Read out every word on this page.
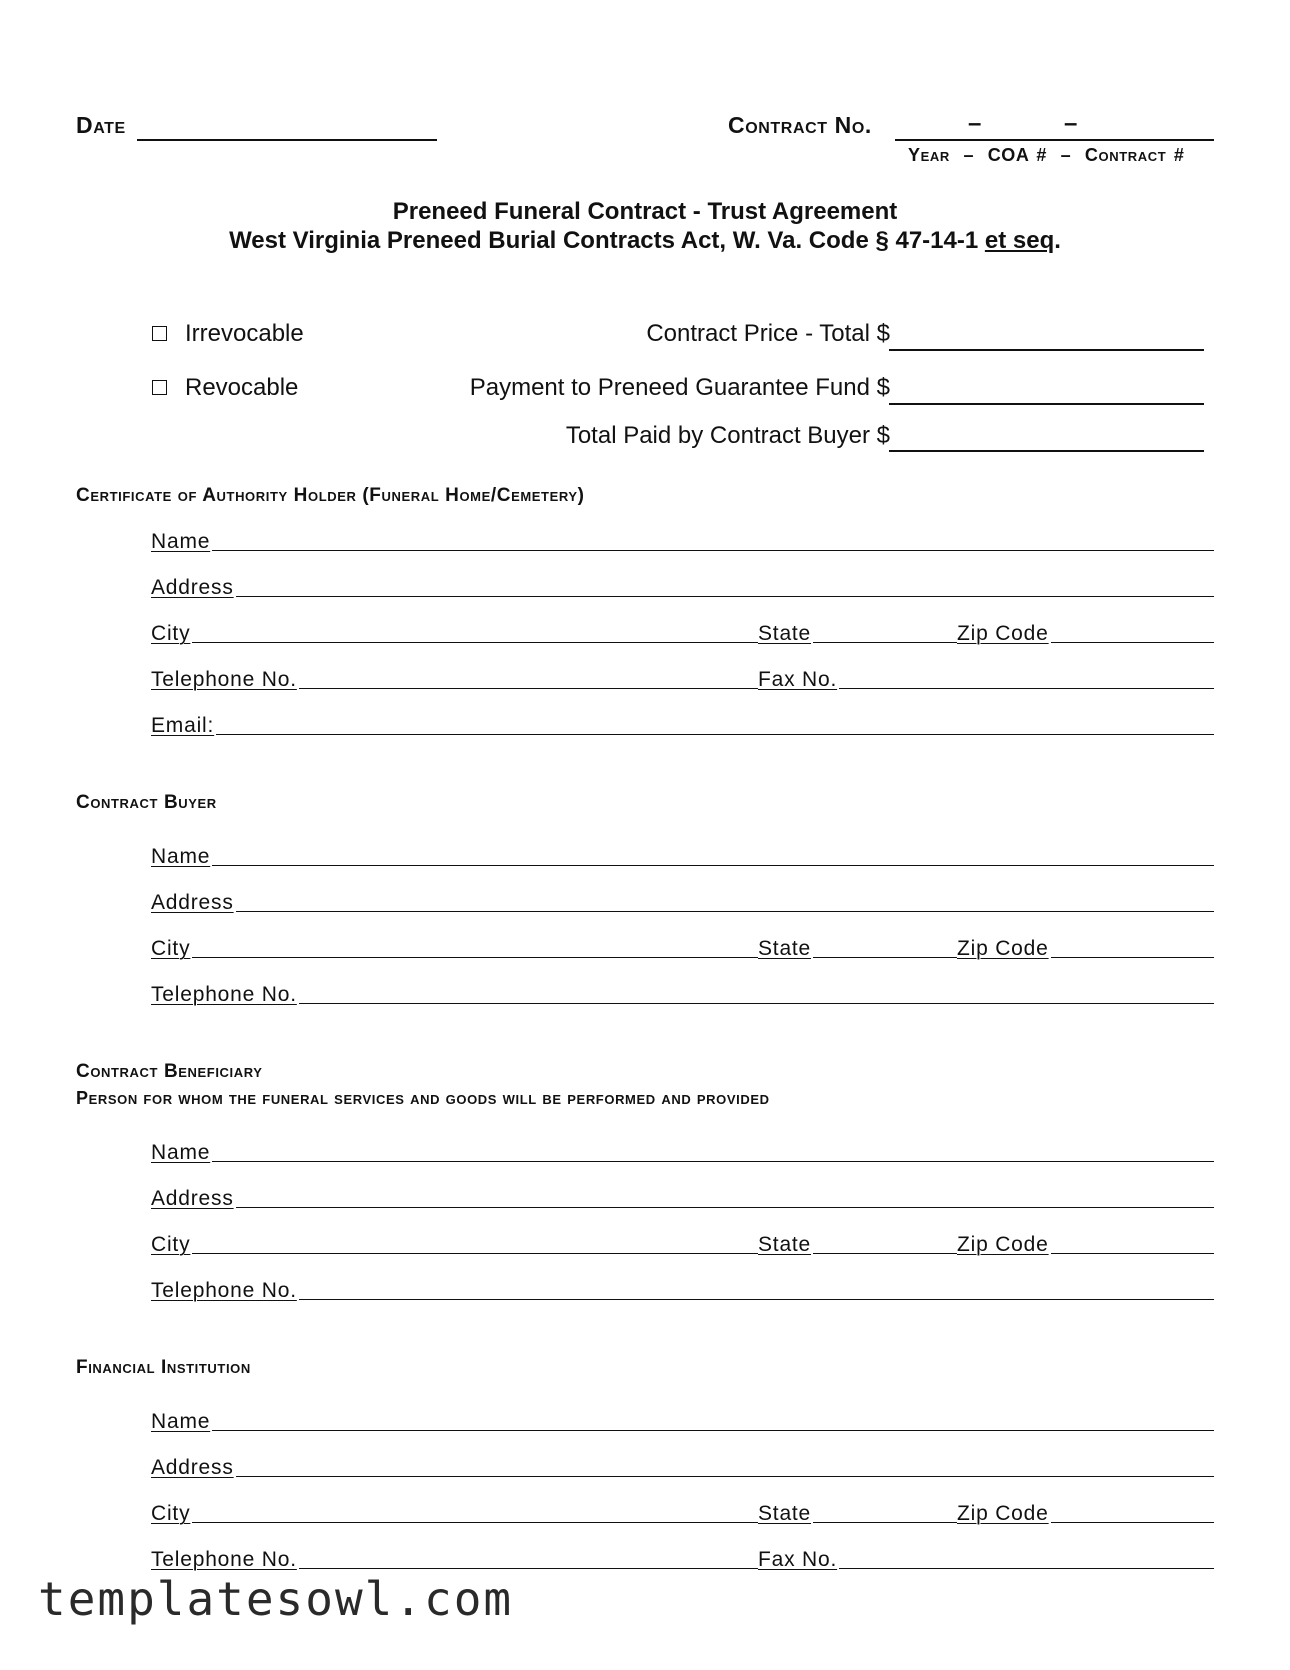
Date	Contract No.	–	–
Year – COA # – Contract #
Preneed Funeral Contract - Trust Agreement
West Virginia Preneed Burial Contracts Act, W. Va. Code § 47-14-1 et seq.
Irrevocable
Revocable
Contract Price - Total $
Payment to Preneed Guarantee Fund $
Total Paid by Contract Buyer $
Certificate of Authority Holder (Funeral Home/Cemetery)
Name
Address
City	State	Zip Code
Telephone No.	Fax No.
Email:
Contract Buyer
Name
Address
City	State	Zip Code
Telephone No.
Contract Beneficiary
Person for whom the funeral services and goods will be performed and provided
Name
Address
City	State	Zip Code
Telephone No.
Financial Institution
Name
Address
City	State	Zip Code
Telephone No.	Fax No.
templatesowl.com
